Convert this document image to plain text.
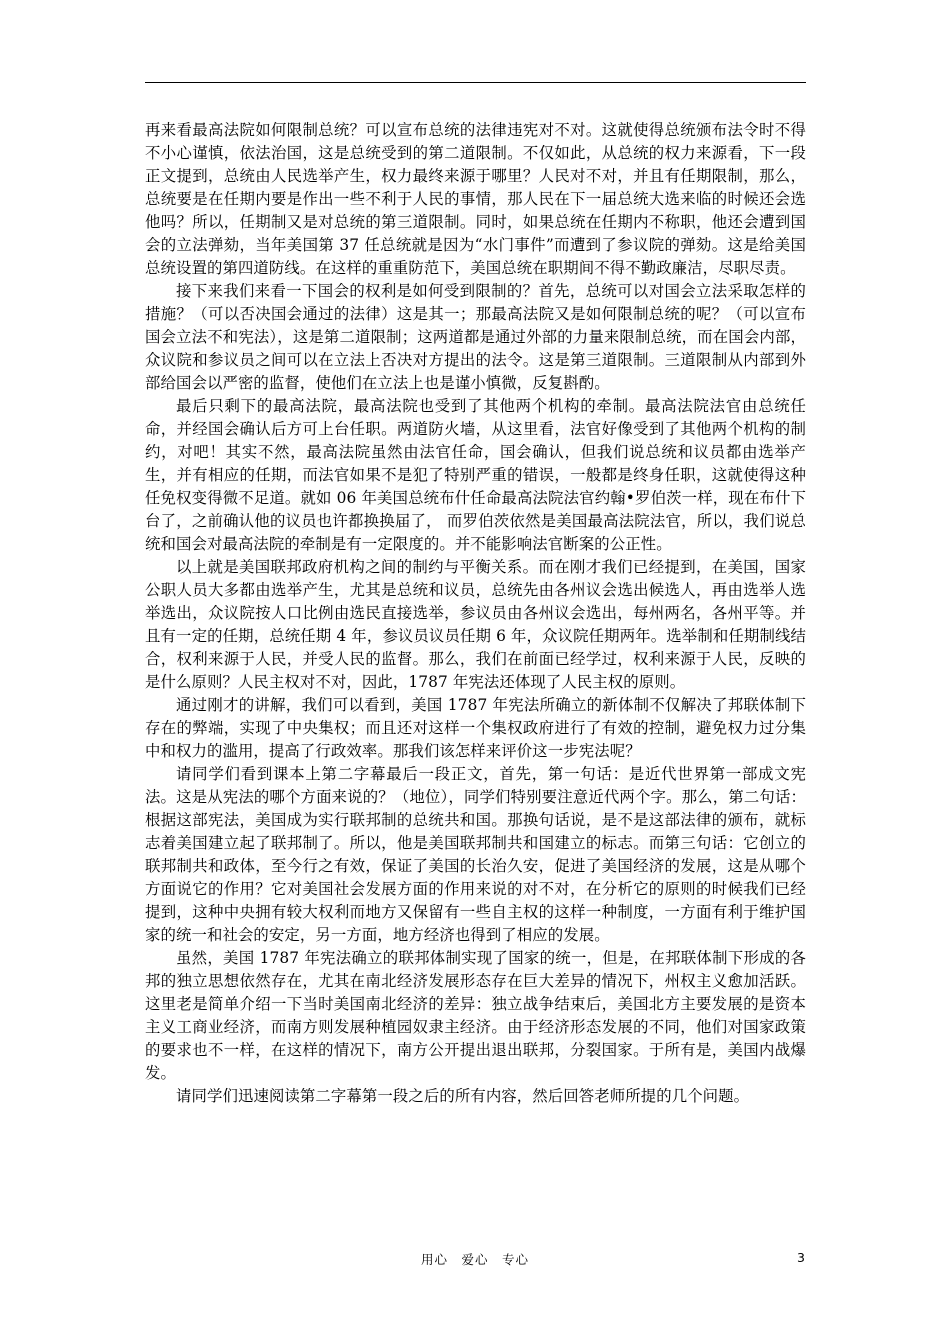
再来看最高法院如何限制总统？可以宣布总统的法律违宪对不对。这就使得总统颁布法令时不得不小心谨慎，依法治国，这是总统受到的第二道限制。不仅如此，从总统的权力来源看，下一段正文提到，总统由人民选举产生，权力最终来源于哪里？人民对不对，并且有任期限制，那么，总统要是在任期内要是作出一些不利于人民的事情，那人民在下一届总统大选来临的时候还会选他吗？所以，任期制又是对总统的第三道限制。同时，如果总统在任期内不称职，他还会遭到国会的立法弹劾，当年美国第 37 任总统就是因为“水门事件”而遭到了参议院的弹劾。这是给美国总统设置的第四道防线。在这样的重重防范下，美国总统在职期间不得不勤政廉洁，尽职尽责。

接下来我们来看一下国会的权利是如何受到限制的？首先，总统可以对国会立法采取怎样的措施？（可以否决国会通过的法律）这是其一；那最高法院又是如何限制总统的呢？（可以宣布国会立法不和宪法），这是第二道限制；这两道都是通过外部的力量来限制总统，而在国会内部，众议院和参议员之间可以在立法上否决对方提出的法令。这是第三道限制。三道限制从内部到外部给国会以严密的监督，使他们在立法上也是谨小慎微，反复斟酌。

最后只剩下的最高法院，最高法院也受到了其他两个机构的牵制。最高法院法官由总统任命，并经国会确认后方可上台任职。两道防火墙，从这里看，法官好像受到了其他两个机构的制约，对吧！其实不然，最高法院虽然由法官任命，国会确认，但我们说总统和议员都由选举产生，并有相应的任期，而法官如果不是犯了特别严重的错误，一般都是终身任职，这就使得这种任免权变得微不足道。就如 06 年美国总统布什任命最高法院法官约翰•罗伯茨一样，现在布什下台了，之前确认他的议员也许都换换届了， 而罗伯茨依然是美国最高法院法官，所以，我们说总统和国会对最高法院的牵制是有一定限度的。并不能影响法官断案的公正性。

以上就是美国联邦政府机构之间的制约与平衡关系。而在刚才我们已经提到，在美国，国家公职人员大多都由选举产生，尤其是总统和议员，总统先由各州议会选出候选人，再由选举人选举选出，众议院按人口比例由选民直接选举，参议员由各州议会选出，每州两名，各州平等。并且有一定的任期，总统任期 4 年，参议员议员任期 6 年，众议院任期两年。选举制和任期制线结合，权利来源于人民，并受人民的监督。那么，我们在前面已经学过，权利来源于人民，反映的是什么原则？人民主权对不对，因此，1787 年宪法还体现了人民主权的原则。

通过刚才的讲解，我们可以看到，美国 1787 年宪法所确立的新体制不仅解决了邦联体制下存在的弊端，实现了中央集权；而且还对这样一个集权政府进行了有效的控制，避免权力过分集中和权力的滥用，提高了行政效率。那我们该怎样来评价这一步宪法呢？

请同学们看到课本上第二字幕最后一段正文，首先，第一句话：是近代世界第一部成文宪法。这是从宪法的哪个方面来说的？（地位），同学们特别要注意近代两个字。那么，第二句话：根据这部宪法，美国成为实行联邦制的总统共和国。那换句话说，是不是这部法律的颁布，就标志着美国建立起了联邦制了。所以，他是美国联邦制共和国建立的标志。而第三句话：它创立的联邦制共和政体，至今行之有效，保证了美国的长治久安，促进了美国经济的发展，这是从哪个方面说它的作用？它对美国社会发展方面的作用来说的对不对，在分析它的原则的时候我们已经提到，这种中央拥有较大权利而地方又保留有一些自主权的这样一种制度，一方面有利于维护国家的统一和社会的安定，另一方面，地方经济也得到了相应的发展。

虽然，美国 1787 年宪法确立的联邦体制实现了国家的统一，但是，在邦联体制下形成的各邦的独立思想依然存在，尤其在南北经济发展形态存在巨大差异的情况下，州权主义愈加活跃。这里老是简单介绍一下当时美国南北经济的差异：独立战争结束后，美国北方主要发展的是资本主义工商业经济，而南方则发展种植园奴隶主经济。由于经济形态发展的不同，他们对国家政策的要求也不一样，在这样的情况下，南方公开提出退出联邦，分裂国家。于所有是，美国内战爆发。

请同学们迅速阅读第二字幕第一段之后的所有内容，然后回答老师所提的几个问题。

用心　爱心　专心	3
